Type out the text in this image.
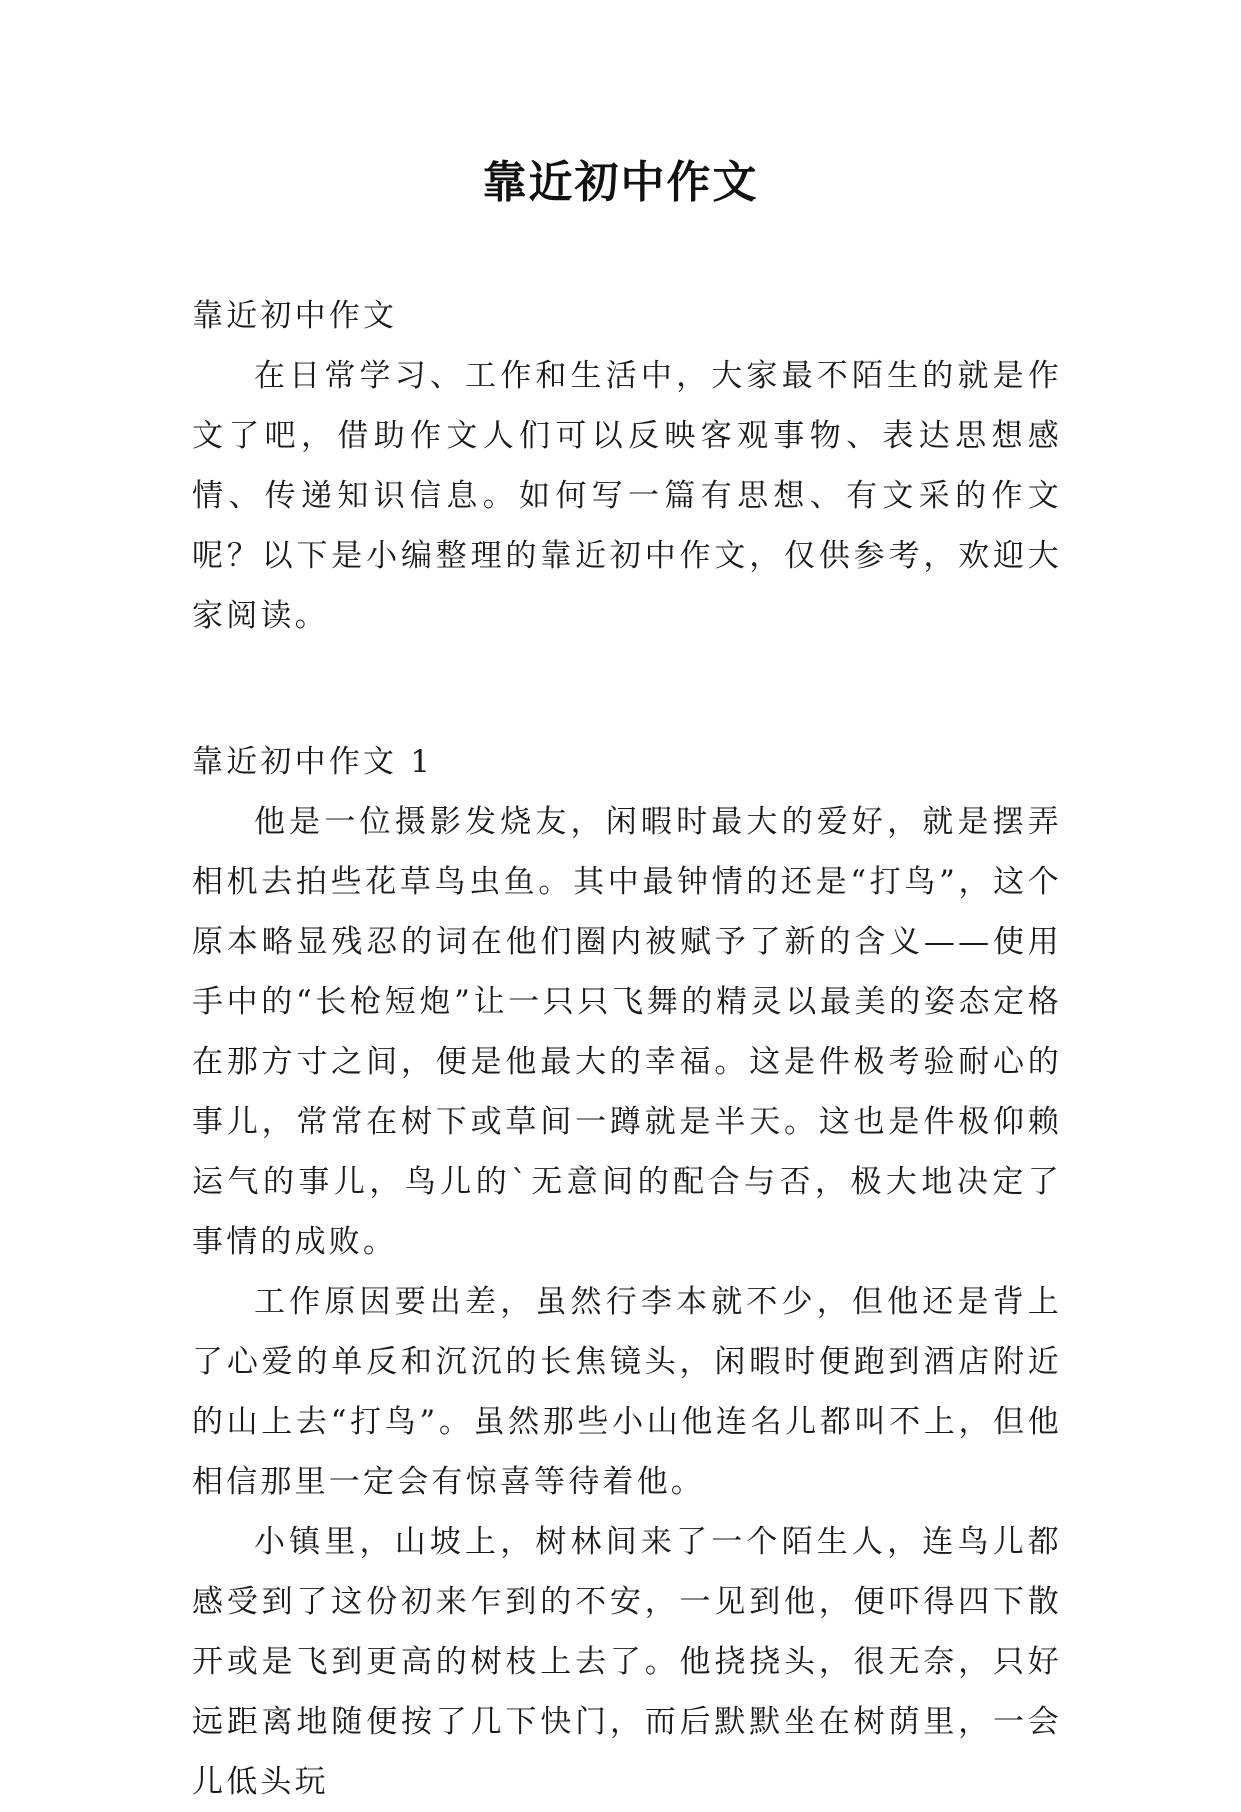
靠近初中作文

靠近初中作文

在日常学习、工作和生活中，大家最不陌生的就是作文了吧，借助作文人们可以反映客观事物、表达思想感情、传递知识信息。如何写一篇有思想、有文采的作文呢？以下是小编整理的靠近初中作文，仅供参考，欢迎大家阅读。

靠近初中作文 1

他是一位摄影发烧友，闲暇时最大的爱好，就是摆弄相机去拍些花草鸟虫鱼。其中最钟情的还是“打鸟”，这个原本略显残忍的词在他们圈内被赋予了新的含义——使用手中的“长枪短炮”让一只只飞舞的精灵以最美的姿态定格在那方寸之间，便是他最大的幸福。这是件极考验耐心的事儿，常常在树下或草间一蹲就是半天。这也是件极仰赖运气的事儿，鸟儿的`无意间的配合与否，极大地决定了事情的成败。

工作原因要出差，虽然行李本就不少，但他还是背上了心爱的单反和沉沉的长焦镜头，闲暇时便跑到酒店附近的山上去“打鸟”。虽然那些小山他连名儿都叫不上，但他相信那里一定会有惊喜等待着他。

小镇里，山坡上，树林间来了一个陌生人，连鸟儿都感受到了这份初来乍到的不安，一见到他，便吓得四下散开或是飞到更高的树枝上去了。他挠挠头，很无奈，只好远距离地随便按了几下快门，而后默默坐在树荫里，一会儿低头玩
